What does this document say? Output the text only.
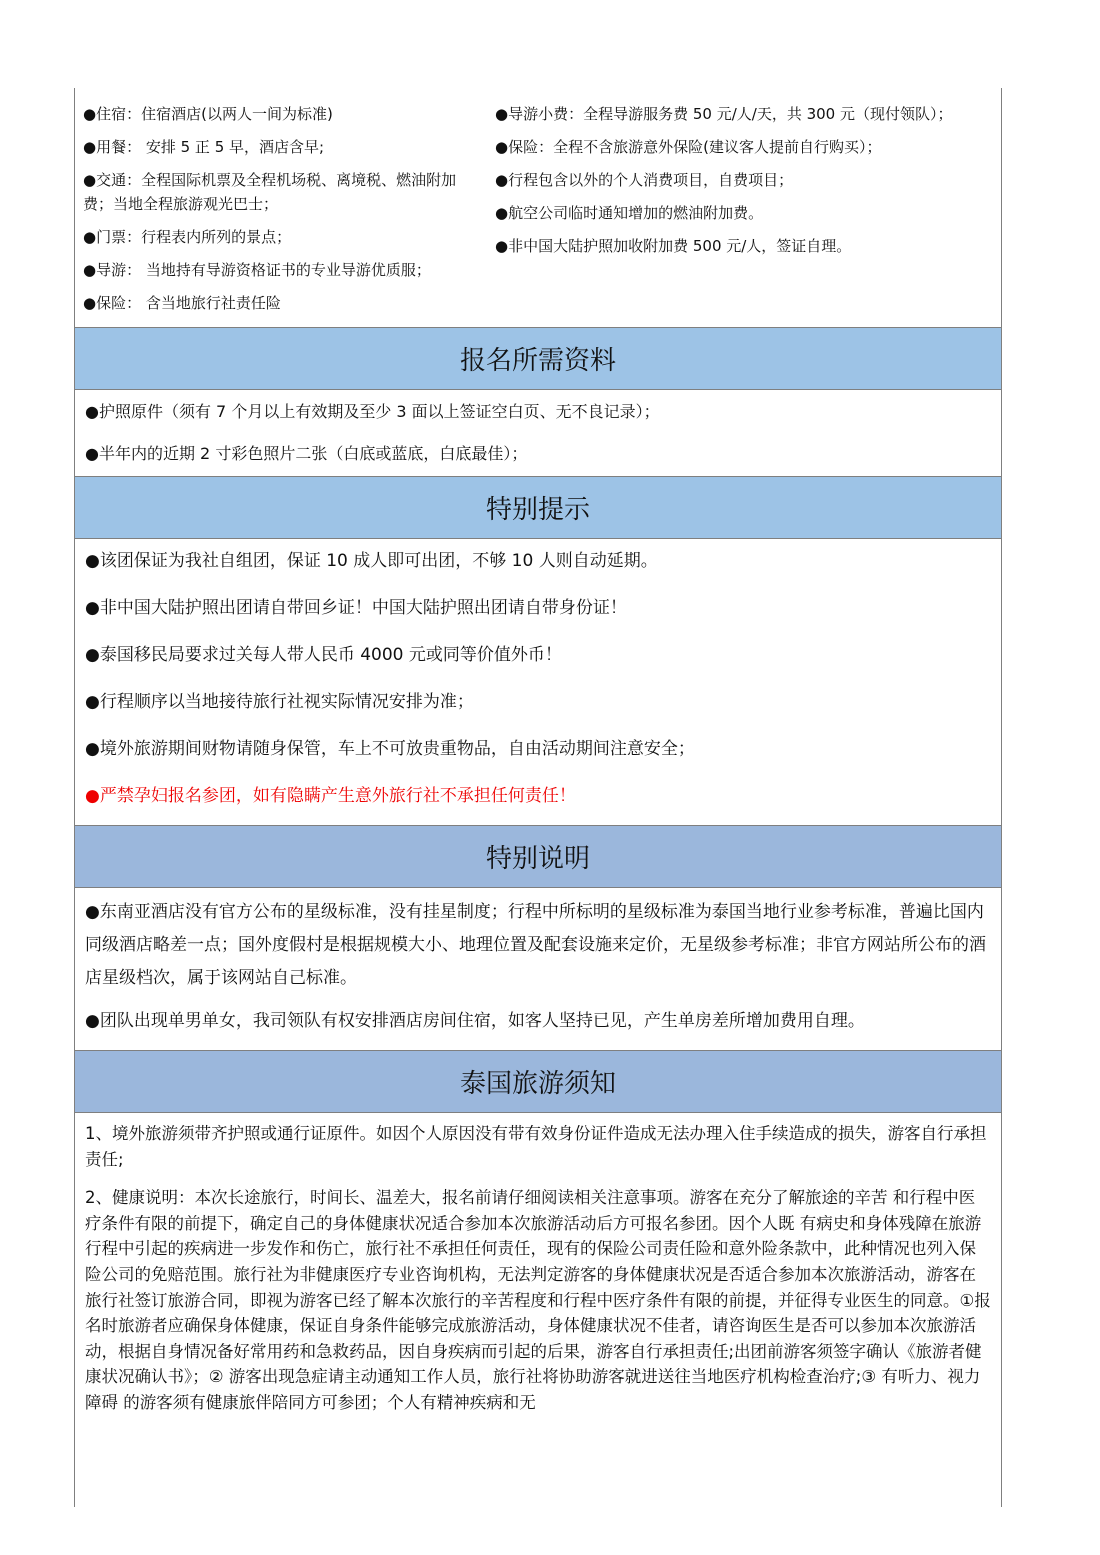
●住宿：住宿酒店(以两人一间为标准)
●用餐： 安排 5 正 5 早，酒店含早;
●交通：全程国际机票及全程机场税、离境税、燃油附加费；当地全程旅游观光巴士；
●门票：行程表内所列的景点；
●导游： 当地持有导游资格证书的专业导游优质服；
●保险： 含当地旅行社责任险
●导游小费：全程导游服务费 50 元/人/天，共 300 元（现付领队）；
●保险：全程不含旅游意外保险(建议客人提前自行购买）；
●行程包含以外的个人消费项目，自费项目；
●航空公司临时通知增加的燃油附加费。
●非中国大陆护照加收附加费 500 元/人，签证自理。
报名所需资料
●护照原件（须有 7 个月以上有效期及至少 3 面以上签证空白页、无不良记录）；
●半年内的近期 2 寸彩色照片二张（白底或蓝底，白底最佳）；
特别提示
●该团保证为我社自组团，保证 10 成人即可出团，不够 10 人则自动延期。
●非中国大陆护照出团请自带回乡证！中国大陆护照出团请自带身份证！
●泰国移民局要求过关每人带人民币 4000 元或同等价值外币！
●行程顺序以当地接待旅行社视实际情况安排为准；
●境外旅游期间财物请随身保管，车上不可放贵重物品，自由活动期间注意安全；
●严禁孕妇报名参团，如有隐瞒产生意外旅行社不承担任何责任！
特别说明
●东南亚酒店没有官方公布的星级标准，没有挂星制度；行程中所标明的星级标准为泰国当地行业参考标准，普遍比国内同级酒店略差一点；国外度假村是根据规模大小、地理位置及配套设施来定价，无星级参考标准；非官方网站所公布的酒店星级档次，属于该网站自己标准。
●团队出现单男单女，我司领队有权安排酒店房间住宿，如客人坚持已见，产生单房差所增加费用自理。
泰国旅游须知
1、境外旅游须带齐护照或通行证原件。如因个人原因没有带有效身份证件造成无法办理入住手续造成的损失，游客自行承担责任;
2、健康说明：本次长途旅行，时间长、温差大，报名前请仔细阅读相关注意事项。游客在充分了解旅途的辛苦 和行程中医疗条件有限的前提下，确定自己的身体健康状况适合参加本次旅游活动后方可报名参团。因个人既 有病史和身体残障在旅游行程中引起的疾病进一步发作和伤亡，旅行社不承担任何责任，现有的保险公司责任险和意外险条款中，此种情况也列入保险公司的免赔范围。旅行社为非健康医疗专业咨询机构，无法判定游客的身体健康状况是否适合参加本次旅游活动，游客在旅行社签订旅游合同，即视为游客已经了解本次旅行的辛苦程度和行程中医疗条件有限的前提，并征得专业医生的同意。①报名时旅游者应确保身体健康，保证自身条件能够完成旅游活动，身体健康状况不佳者，请咨询医生是否可以参加本次旅游活动，根据自身情况备好常用药和急救药品，因自身疾病而引起的后果，游客自行承担责任;出团前游客须签字确认《旅游者健康状况确认书》；② 游客出现急症请主动通知工作人员，旅行社将协助游客就进送往当地医疗机构检查治疗;③ 有听力、视力障碍 的游客须有健康旅伴陪同方可参团；个人有精神疾病和无
